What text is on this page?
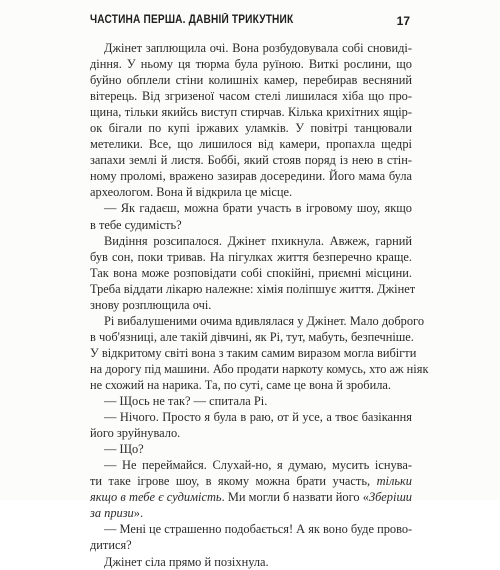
ЧАСТИНА ПЕРША. ДАВНІЙ ТРИКУТНИК	17
Джінет заплющила очі. Вона розбудовувала собі сновиді-
діння. У ньому ця тюрма була руїною. Виткі рослини, що
буйно обплели стіни колишніх камер, перебирав весняний
вітерець. Від згризеної часом стелі лишилася хіба що про-
щина, тільки якийсь виступ стирчав. Кілька крихітних ящір-
ок бігали по купі іржавих уламків. У повітрі танцювали
метелики. Все, що лишилося від камери, пропахла щедрі
запахи землі й листя. Боббі, який стояв поряд із нею в стін-
ному проломі, вражено зазирав досередини. Його мама була
археологом. Вона й відкрила це місце.
— Як гадаєш, можна брати участь в ігровому шоу, якщо
в тебе судимість?
Видіння розсипалося. Джінет пхикнула. Авжеж, гарний
був сон, поки тривав. На пігулках життя безперечно краще.
Так вона може розповідати собі спокійні, приємні місцини.
Треба віддати лікарю належне: хімія поліпшує життя. Джінет
знову розплющила очі.
Рі вибалушеними очима вдивлялася у Джінет. Мало доброго
в чоб'язниці, але такій дівчині, як Рі, тут, мабуть, безпечніше.
У відкритому світі вона з таким самим виразом могла вибігти
на дорогу під машини. Або продати наркоту комусь, хто аж ніяк
не схожий на нарика. Та, по суті, саме це вона й зробила.
— Щось не так? — спитала Рі.
— Нічого. Просто я була в раю, от й усе, а твоє базікання
його зруйнувало.
— Що?
— Не переймайся. Слухай-но, я думаю, мусить існува-
ти таке ігрове шоу, в якому можна брати участь, тільки
якщо в тебе є судимість. Ми могли б назвати його «Зберіши
за призи».
— Мені це страшенно подобається! А як воно буде прово-
дитися?
Джінет сіла прямо й позіхнула.
